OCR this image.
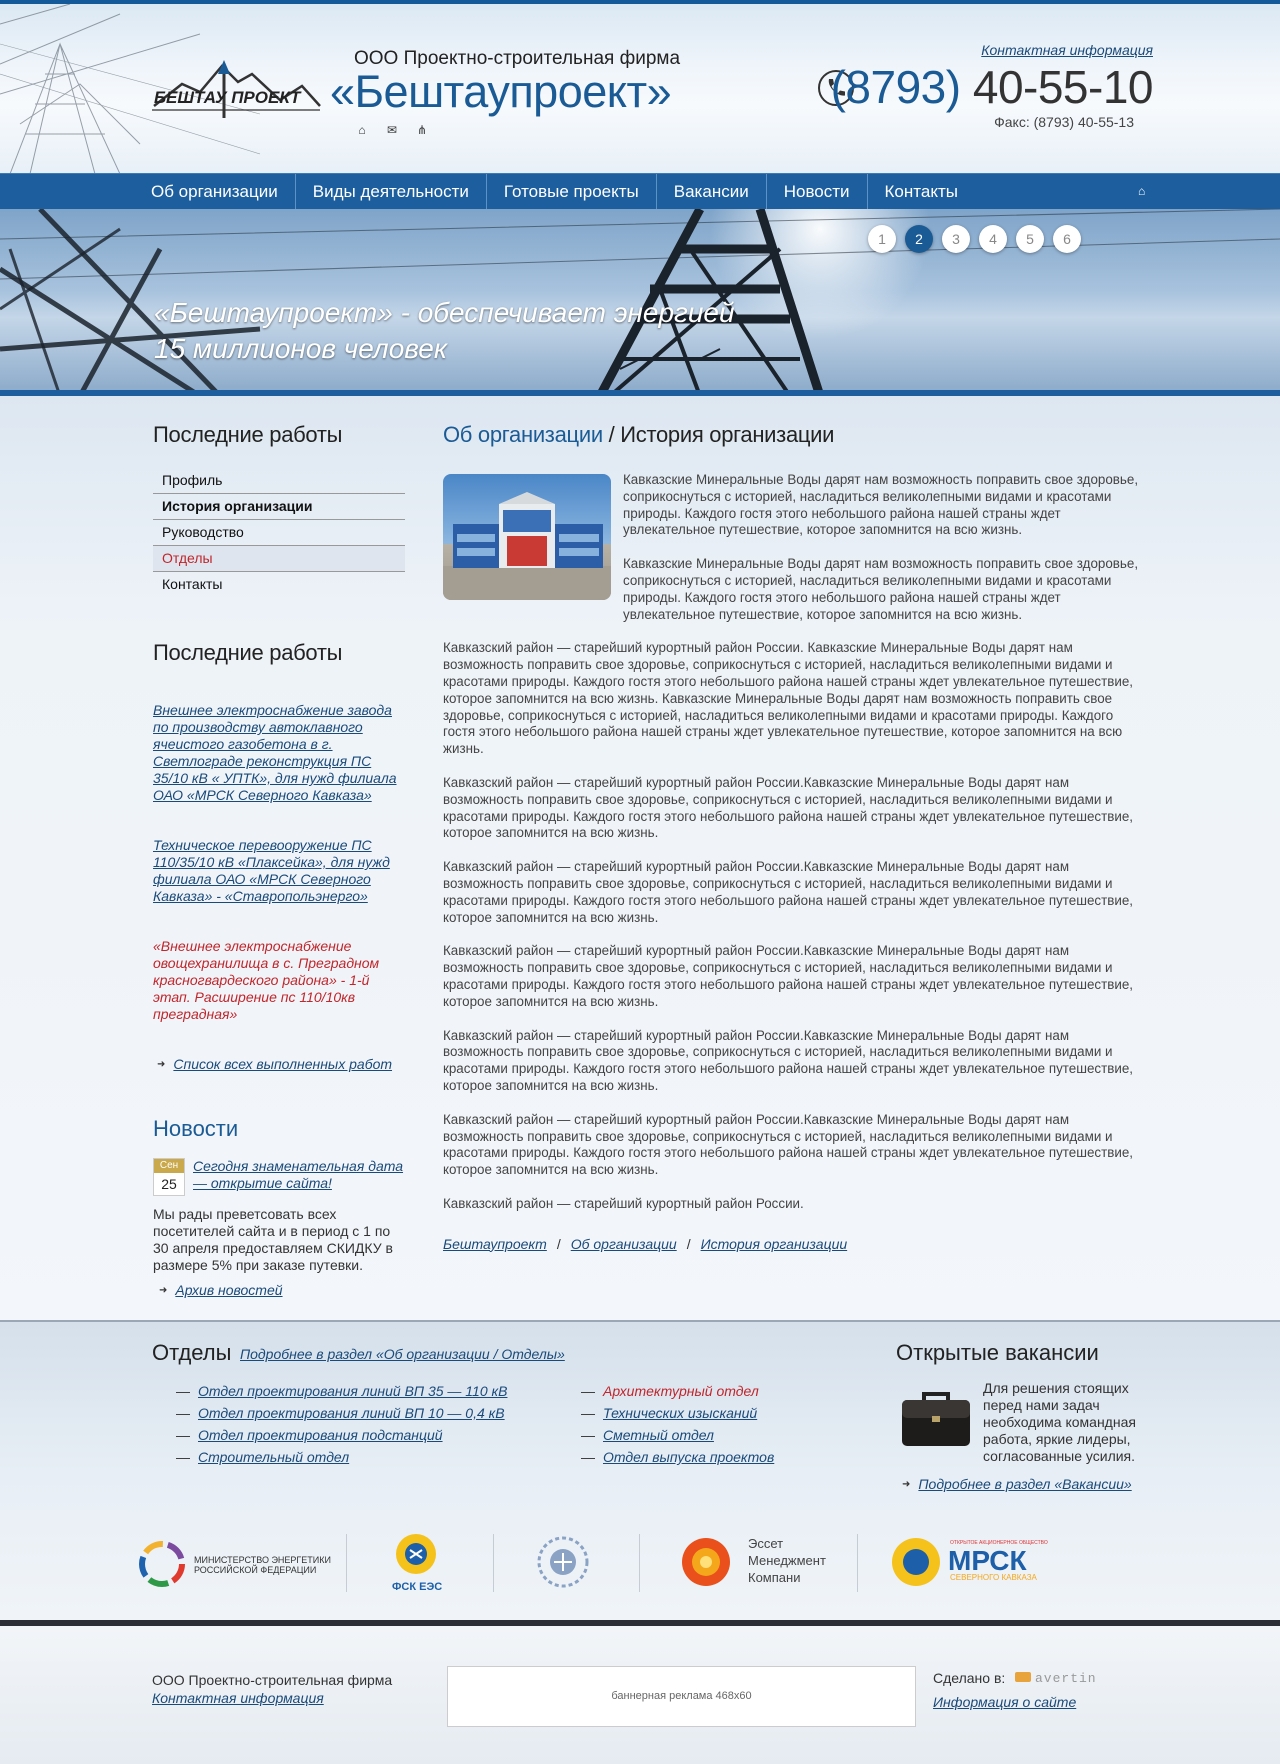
БЕШТАУ ПРОЕКТ
ООО Проектно-строительная фирма
«Бештаупроект»
⌂	✉ ⋔
Контактная информация
(8793) 40-55-10
Факс: (8793) 40-55-13
Об организации	Виды деятельности	Готовые проекты	Вакансии	Новости	Контакты	⌂
1	2	3	4	5	6
«Бештаупроект» - обеспечивает энергией
15 миллионов человек
Последние работы
Профиль
История организации
Руководство
Отделы
Контакты
Последние работы
Внешнее электроснабжение завода по производству автоклавного ячеистого газобетона в г. Светлограде реконструкция ПС 35/10 кВ « УПТК», для нужд филиала ОАО «МРСК Северного Кавказа»
Техническое перевооружение ПС 110/35/10 кВ «Плаксейка», для нужд филиала ОАО «МРСК Северного Кавказа» - «Ставропольэнерго»
«Внешнее электроснабжение овощехранилища в с. Преградном красногвардеского района» - 1-й этап. Расширение пс 110/10кв преградная»
➜ Список всех выполненных работ
Новости
Сен
25
Сегодня знаменательная дата — открытие сайта!
Мы рады преветсовать всех посетителей сайта и в период с 1 по 30 апреля предоставляем СКИДКУ в размере 5% при заказе путевки.
➜ Архив новостей
Об организации / История организации

Кавказские Минеральные Воды дарят нам возможность поправить свое здоровье, соприкоснуться с историей, насладиться великолепными видами и красотами природы. Каждого гостя этого небольшого района нашей страны ждет увлекательное путешествие, которое запомнится на всю жизнь.

Кавказские Минеральные Воды дарят нам возможность поправить свое здоровье, соприкоснуться с историей, насладиться великолепными видами и красотами природы. Каждого гостя этого небольшого района нашей страны ждет увлекательное путешествие, которое запомнится на всю жизнь.

Кавказский район — старейший курортный район России. Кавказские Минеральные Воды дарят нам возможность поправить свое здоровье, соприкоснуться с историей, насладиться великолепными видами и красотами природы. Каждого гостя этого небольшого района нашей страны ждет увлекательное путешествие, которое запомнится на всю жизнь. Кавказские Минеральные Воды дарят нам возможность поправить свое здоровье, соприкоснуться с историей, насладиться великолепными видами и красотами природы. Каждого гостя этого небольшого района нашей страны ждет увлекательное путешествие, которое запомнится на всю жизнь.

Кавказский район — старейший курортный район России.Кавказские Минеральные Воды дарят нам возможность поправить свое здоровье, соприкоснуться с историей, насладиться великолепными видами и красотами природы. Каждого гостя этого небольшого района нашей страны ждет увлекательное путешествие, которое запомнится на всю жизнь.

Кавказский район — старейший курортный район России.Кавказские Минеральные Воды дарят нам возможность поправить свое здоровье, соприкоснуться с историей, насладиться великолепными видами и красотами природы. Каждого гостя этого небольшого района нашей страны ждет увлекательное путешествие, которое запомнится на всю жизнь.

Кавказский район — старейший курортный район России.Кавказские Минеральные Воды дарят нам возможность поправить свое здоровье, соприкоснуться с историей, насладиться великолепными видами и красотами природы. Каждого гостя этого небольшого района нашей страны ждет увлекательное путешествие, которое запомнится на всю жизнь.

Кавказский район — старейший курортный район России.Кавказские Минеральные Воды дарят нам возможность поправить свое здоровье, соприкоснуться с историей, насладиться великолепными видами и красотами природы. Каждого гостя этого небольшого района нашей страны ждет увлекательное путешествие, которое запомнится на всю жизнь.

Кавказский район — старейший курортный район России.Кавказские Минеральные Воды дарят нам возможность поправить свое здоровье, соприкоснуться с историей, насладиться великолепными видами и красотами природы. Каждого гостя этого небольшого района нашей страны ждет увлекательное путешествие, которое запомнится на всю жизнь.

Кавказский район — старейший курортный район России.

Бештаупроект / Об организации / История организации
Отделы Подробнее в раздел «Об организации / Отделы»
— Отдел проектирования линий ВП 35 — 110 кВ
— Отдел проектирования линий ВП 10 — 0,4 кВ
— Отдел проектирования подстанций
— Строительный отдел
— Архитектурный отдел
— Технических изысканий
— Сметный отдел
— Отдел выпуска проектов
Открытые вакансии
Для решения стоящих перед нами задач необходима командная работа, яркие лидеры, согласованные усилия.
➜ Подробнее в раздел «Вакансии»
МИНИСТЕРСТВО ЭНЕРГЕТИКИ
РОССИЙСКОЙ ФЕДЕРАЦИИ
ФСК ЕЭС
Эссет
Менеджмент
Компани
ОТКРЫТОЕ АКЦИОНЕРНОЕ ОБЩЕСТВО
МРСК
СЕВЕРНОГО КАВКАЗА
ООО Проектно-строительная фирма
Контактная информация	баннерная реклама 468х60
Сделано в: avertin
Информация о сайте
